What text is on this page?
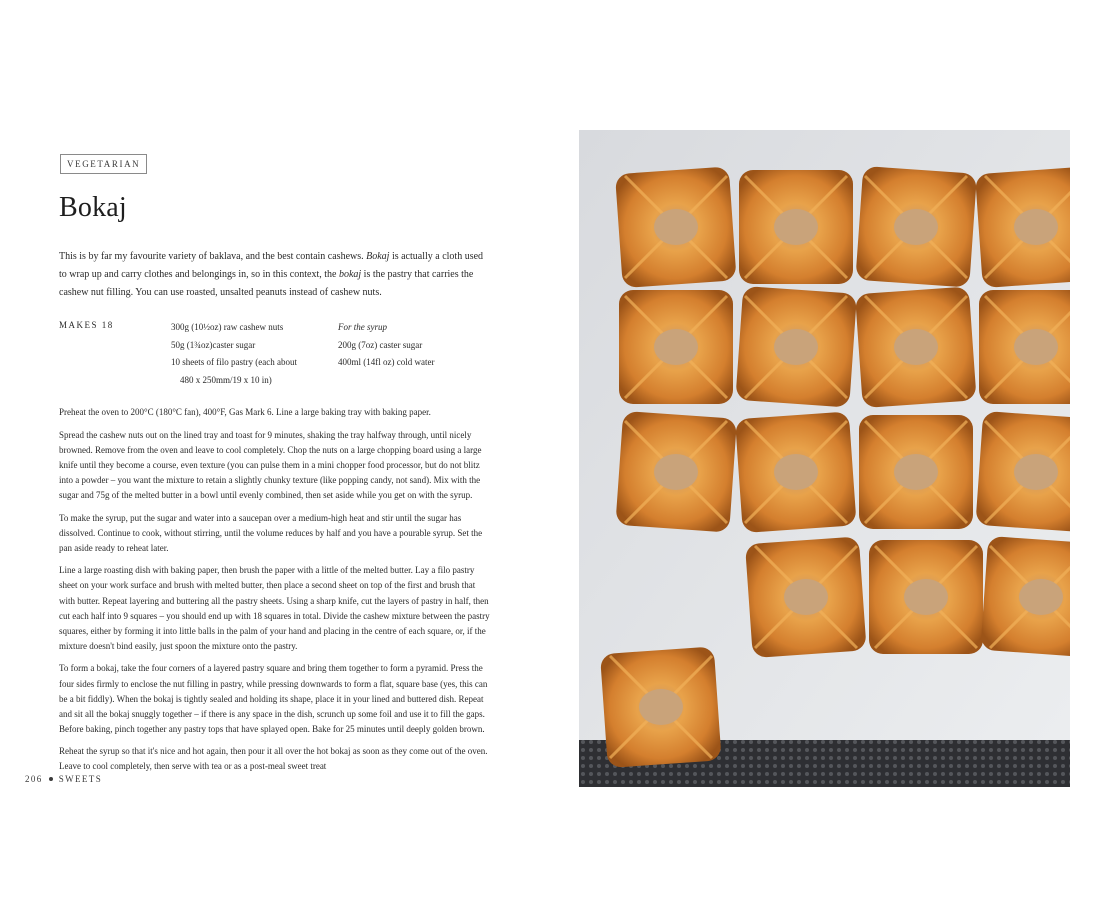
VEGETARIAN
Bokaj

This is by far my favourite variety of baklava, and the best contain cashews. Bokaj is actually a cloth used to wrap up and carry clothes and belongings in, so in this context, the bokaj is the pastry that carries the cashew nut filling. You can use roasted, unsalted peanuts instead of cashew nuts.

MAKES 18	300g (10½oz) raw cashew nuts
50g (1¾oz)caster sugar
10 sheets of filo pastry (each about
480 x 250mm/19 x 10 in)
For the syrup
200g (7oz) caster sugar
400ml (14fl oz) cold water

Preheat the oven to 200°C (180°C fan), 400°F, Gas Mark 6. Line a large baking tray with baking paper.

Spread the cashew nuts out on the lined tray and toast for 9 minutes, shaking the tray halfway through, until nicely browned. Remove from the oven and leave to cool completely. Chop the nuts on a large chopping board using a large knife until they become a course, even texture (you can pulse them in a mini chopper food processor, but do not blitz into a powder – you want the mixture to retain a slightly chunky texture (like popping candy, not sand). Mix with the sugar and 75g of the melted butter in a bowl until evenly combined, then set aside while you get on with the syrup.

To make the syrup, put the sugar and water into a saucepan over a medium-high heat and stir until the sugar has dissolved. Continue to cook, without stirring, until the volume reduces by half and you have a pourable syrup. Set the pan aside ready to reheat later.

Line a large roasting dish with baking paper, then brush the paper with a little of the melted butter. Lay a filo pastry sheet on your work surface and brush with melted butter, then place a second sheet on top of the first and brush that with butter. Repeat layering and buttering all the pastry sheets. Using a sharp knife, cut the layers of pastry in half, then cut each half into 9 squares – you should end up with 18 squares in total. Divide the cashew mixture between the pastry squares, either by forming it into little balls in the palm of your hand and placing in the centre of each square, or, if the mixture doesn't bind easily, just spoon the mixture onto the pastry.

To form a bokaj, take the four corners of a layered pastry square and bring them together to form a pyramid. Press the four sides firmly to enclose the nut filling in pastry, while pressing downwards to form a flat, square base (yes, this can be a bit fiddly). When the bokaj is tightly sealed and holding its shape, place it in your lined and buttered dish. Repeat and sit all the bokaj snuggly together – if there is any space in the dish, scrunch up some foil and use it to fill the gaps. Before baking, pinch together any pastry tops that have splayed open. Bake for 25 minutes until deeply golden brown.

Reheat the syrup so that it's nice and hot again, then pour it all over the hot bokaj as soon as they come out of the oven. Leave to cool completely, then serve with tea or as a post-meal sweet treat

206 SWEETS
